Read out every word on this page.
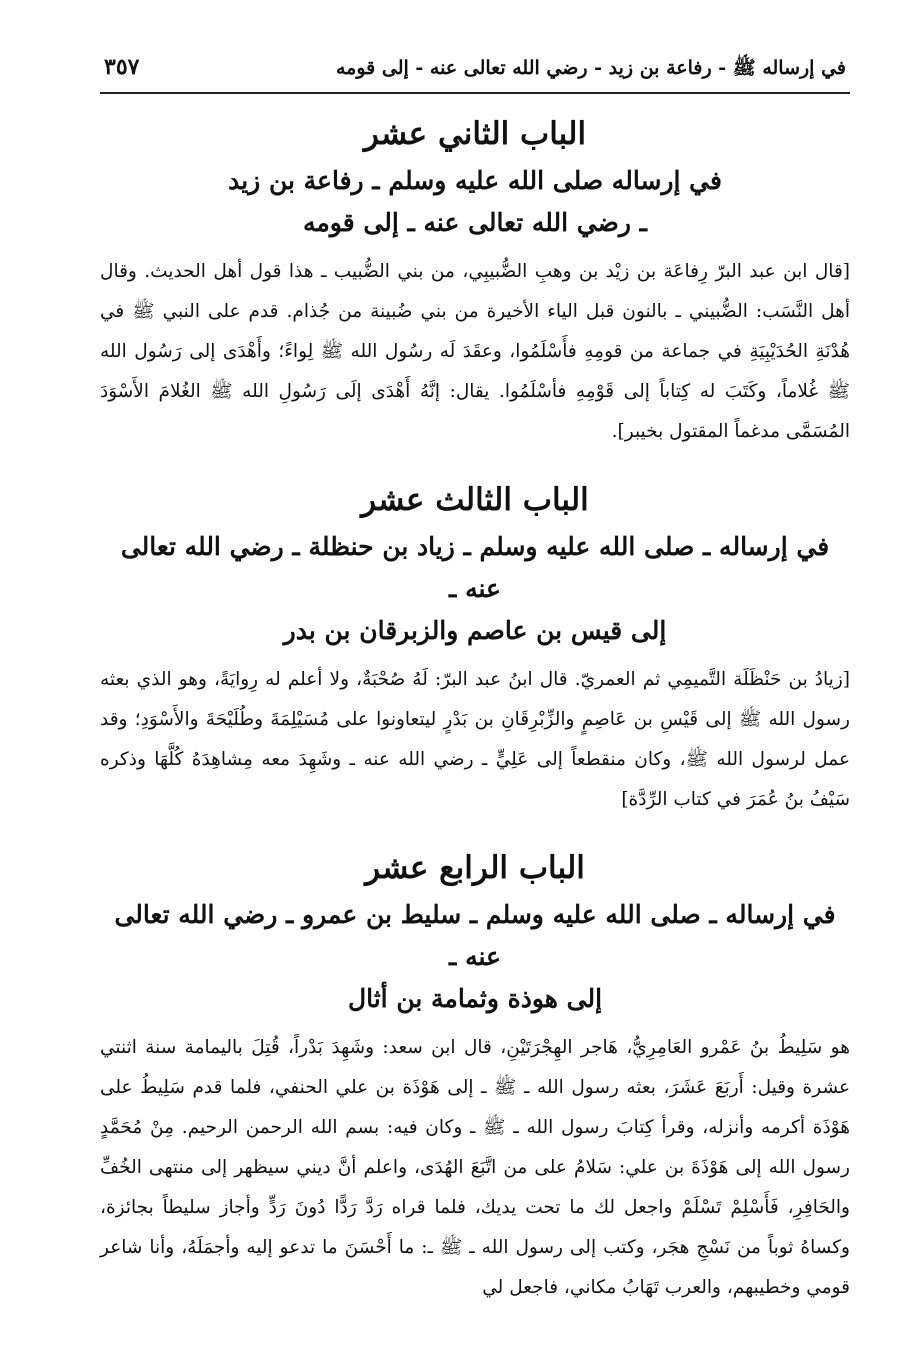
في إرساله ﷺ - رفاعة بن زيد - رضي الله تعالى عنه - إلى قومه
٣٥٧
الباب الثاني عشر
في إرساله صلى الله عليه وسلم ـ رفاعة بن زيد
ـ رضي الله تعالى عنه ـ إلى قومه

[قال ابن عبد البرّ رِفاعَة بن زيْد بن وهبِ الضُّبيبِي، من بني الضُّبيب ـ هذا قول أهل الحديث. وقال أهل النَّسَب: الضُّبيني ـ بالنون قبل الياء الأخيرة من بني ضُبينة من جُذام. قدم على النبي ﷺ في هُدْنَةِ الحُدَيْبِيَةِ في جماعة من قومِهِ فأَسْلَمُوا، وعقَدَ لَه رسُول الله ﷺ لِواءً؛ وأَهْدَى إلى رَسُول الله ﷺ غُلاماً، وكَتَبَ له كِتاباً إلى قَوْمِهِ فأسْلَمُوا. يقال: إنَّهُ أَهْدَى إلَى رَسُولِ الله ﷺ الغُلامَ الأَسْوَدَ المُسَمَّى مدغماً المقتول بخيبر].

الباب الثالث عشر
في إرساله ـ صلى الله عليه وسلم ـ زياد بن حنظلة ـ رضي الله تعالى عنه ـ
إلى قيس بن عاصم والزبرقان بن بدر

[زيادُ بن حَنْظَلَة التَّميمِي ثم العمريّ. قال ابنُ عبد البرّ: لَهُ صُحْبَةٌ، ولا أعلم له رِوايَةً، وهو الذي بعثه رسول الله ﷺ إلى قَيْسِ بن عَاصِمٍ والزِّبْرِقَانِ بن بَدْرٍ ليتعاونوا على مُسَيْلِمَةَ وطُلَيْحَةَ والأَسْوَدِ؛ وقد عمل لرسول الله ﷺ، وكان منقطعاً إلى عَلِيٍّ ـ رضي الله عنه ـ وشَهِدَ معه مِشاهِدَهُ كُلَّهَا وذكره سَيْفُ بنُ عُمَرَ في كتاب الرِّدَّة]

الباب الرابع عشر
في إرساله ـ صلى الله عليه وسلم ـ سليط بن عمرو ـ رضي الله تعالى عنه ـ
إلى هوذة وثمامة بن أثال

هو سَلِيطُ بنُ عَمْرو العَامِرِيُّ، هَاجر الهِجْرَتَيْنِ، قال ابن سعد: وشَهِدَ بَدْراً، قُتِلَ باليمامة سنة اثنتي عشرة وقيل: أَربَعَ عَشَرَ، بعثه رسول الله ـ ﷺ ـ إلى هَوْذَة بن علي الحنفي، فلما قدم سَلِيطُ على هَوْذَة أكرمه وأنزله، وقرأ كِتابَ رسول الله ـ ﷺ ـ وكان فيه: بسم الله الرحمن الرحيم. مِنْ مُحَمَّدٍ رسول الله إلى هَوْذَةَ بن علي: سَلامُ على من اتَّبَعَ الهُدَى، واعلم أنَّ ديني سيظهر إلى منتهى الخُفِّ والحَافِرِ، فَأَسْلِمْ تَسْلَمْ واجعل لك ما تحت يديك، فلما قراه رَدَّ رَدًّا دُونَ رَدٍّ وأجاز سليطاً بجائزة، وكساهُ ثوباً من نَسْجِ هجَر، وكتب إلى رسول الله ـ ﷺ ـ: ما أَحْسَنَ ما تدعو إليه وأجمَلَهُ، وأنا شاعر قومي وخطيبهم، والعرب تَهَابُ مكاني، فاجعل لي
